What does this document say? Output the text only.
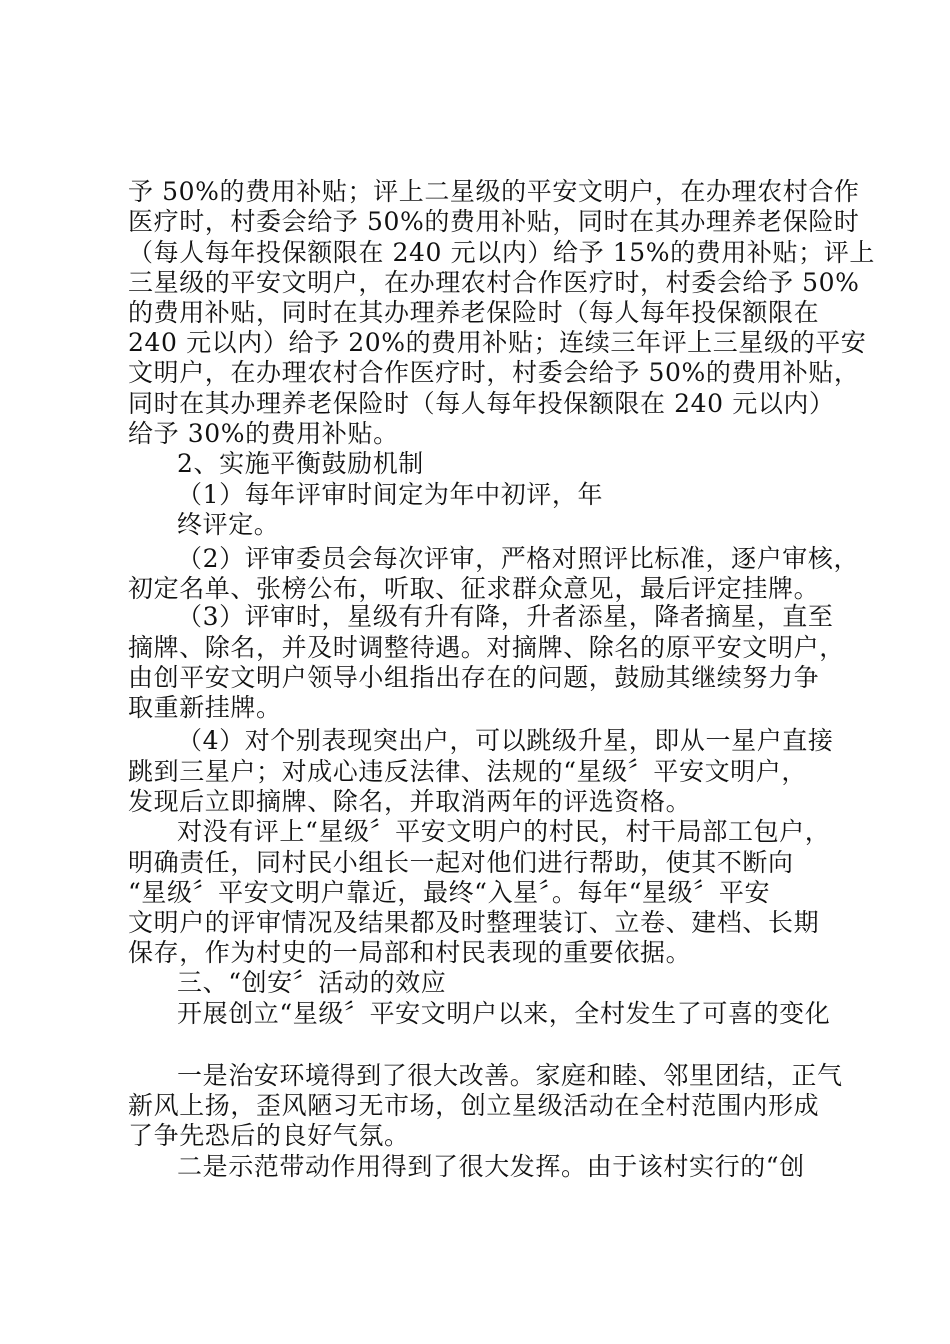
予 50%的费用补贴；评上二星级的平安文明户，在办理农村合作
医疗时，村委会给予 50%的费用补贴，同时在其办理养老保险时
（每人每年投保额限在 240 元以内）给予 15%的费用补贴；评上
三星级的平安文明户，在办理农村合作医疗时，村委会给予 50%
的费用补贴，同时在其办理养老保险时（每人每年投保额限在
240 元以内）给予 20%的费用补贴；连续三年评上三星级的平安
文明户，在办理农村合作医疗时，村委会给予 50%的费用补贴，
同时在其办理养老保险时（每人每年投保额限在 240 元以内）
给予 30%的费用补贴。
2、实施平衡鼓励机制
（1）每年评审时间定为年中初评，年
终评定。
（2）评审委员会每次评审，严格对照评比标准，逐户审核，
初定名单、张榜公布，听取、征求群众意见，最后评定挂牌。
（3）评审时，星级有升有降，升者添星，降者摘星，直至
摘牌、除名，并及时调整待遇。对摘牌、除名的原平安文明户，
由创平安文明户领导小组指出存在的问题，鼓励其继续努力争
取重新挂牌。
（4）对个别表现突出户，可以跳级升星，即从一星户直接
跳到三星户；对成心违反法律、法规的“星级〞平安文明户，
发现后立即摘牌、除名，并取消两年的评选资格。
对没有评上“星级〞平安文明户的村民，村干局部工包户，
明确责任，同村民小组长一起对他们进行帮助，使其不断向
“星级〞平安文明户靠近，最终“入星〞。每年“星级〞平安
文明户的评审情况及结果都及时整理装订、立卷、建档、长期
保存，作为村史的一局部和村民表现的重要依据。
三、“创安〞活动的效应
开展创立“星级〞平安文明户以来，全村发生了可喜的变化
一是治安环境得到了很大改善。家庭和睦、邻里团结，正气
新风上扬，歪风陋习无市场，创立星级活动在全村范围内形成
了争先恐后的良好气氛。
二是示范带动作用得到了很大发挥。由于该村实行的“创
